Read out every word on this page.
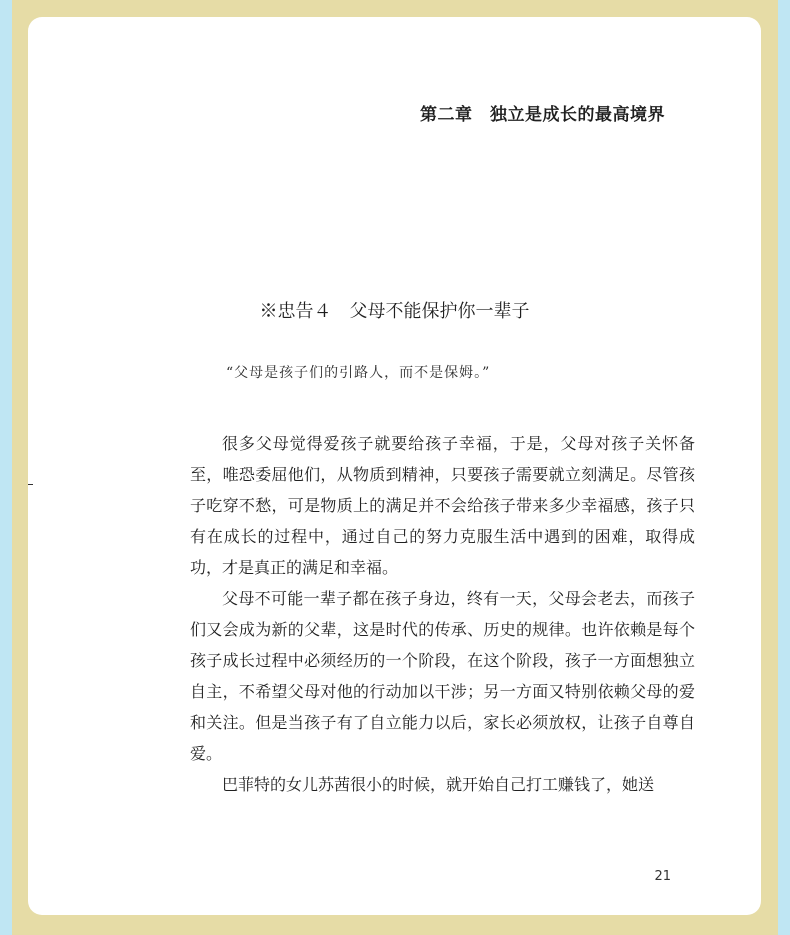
第二章　独立是成长的最高境界
※忠告４　父母不能保护你一辈子
“父母是孩子们的引路人，而不是保姆。”

很多父母觉得爱孩子就要给孩子幸福，于是，父母对孩子关怀备至，唯恐委屈他们，从物质到精神，只要孩子需要就立刻满足。尽管孩子吃穿不愁，可是物质上的满足并不会给孩子带来多少幸福感，孩子只有在成长的过程中，通过自己的努力克服生活中遇到的困难，取得成功，才是真正的满足和幸福。

父母不可能一辈子都在孩子身边，终有一天，父母会老去，而孩子们又会成为新的父辈，这是时代的传承、历史的规律。也许依赖是每个孩子成长过程中必须经历的一个阶段，在这个阶段，孩子一方面想独立自主，不希望父母对他的行动加以干涉；另一方面又特别依赖父母的爱和关注。但是当孩子有了自立能力以后，家长必须放权，让孩子自尊自爱。

巴菲特的女儿苏茜很小的时候，就开始自己打工赚钱了，她送

21
